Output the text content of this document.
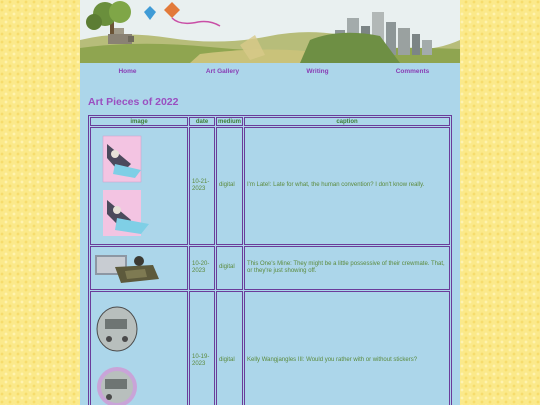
Home	Art Gallery	Writing	Comments
Art Pieces of 2022
image	date	medium	caption

	10-21-2023	digital	I'm Late!: Late for what, the human convention? I don't know really.

	10-20-2023	digital	This One's Mine: They might be a little possessive of their crewmate. That, or they're just showing off.

	10-19-2023	digital	Kelly Wangjangles III: Would you rather with or without stickers?
